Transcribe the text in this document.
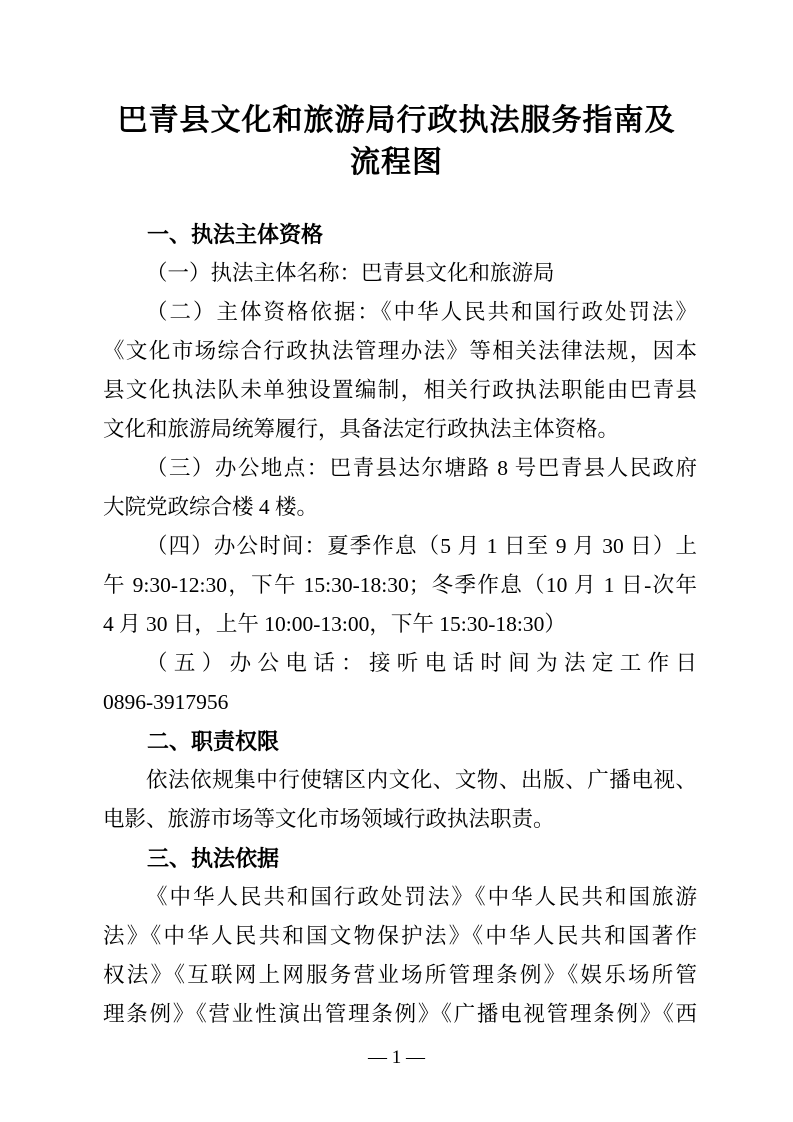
巴青县文化和旅游局行政执法服务指南及
流程图
一、执法主体资格
（一）执法主体名称：巴青县文化和旅游局
（二）主体资格依据：《中华人民共和国行政处罚法》
《文化市场综合行政执法管理办法》等相关法律法规，因本
县文化执法队未单独设置编制，相关行政执法职能由巴青县
文化和旅游局统筹履行，具备法定行政执法主体资格。
（三）办公地点：巴青县达尔塘路 8 号巴青县人民政府
大院党政综合楼 4 楼。
（四）办公时间：夏季作息（5 月 1 日至 9 月 30 日）上
午 9:30-12:30，下午 15:30-18:30；冬季作息（10 月 1 日-次年
4 月 30 日，上午 10:00-13:00，下午 15:30-18:30）
（五）办公电话：接听电话时间为法定工作日
0896-3917956
二、职责权限
依法依规集中行使辖区内文化、文物、出版、广播电视、
电影、旅游市场等文化市场领域行政执法职责。
三、执法依据
《中华人民共和国行政处罚法》《中华人民共和国旅游
法》《中华人民共和国文物保护法》《中华人民共和国著作
权法》《互联网上网服务营业场所管理条例》《娱乐场所管
理条例》《营业性演出管理条例》《广播电视管理条例》《西
— 1 —
